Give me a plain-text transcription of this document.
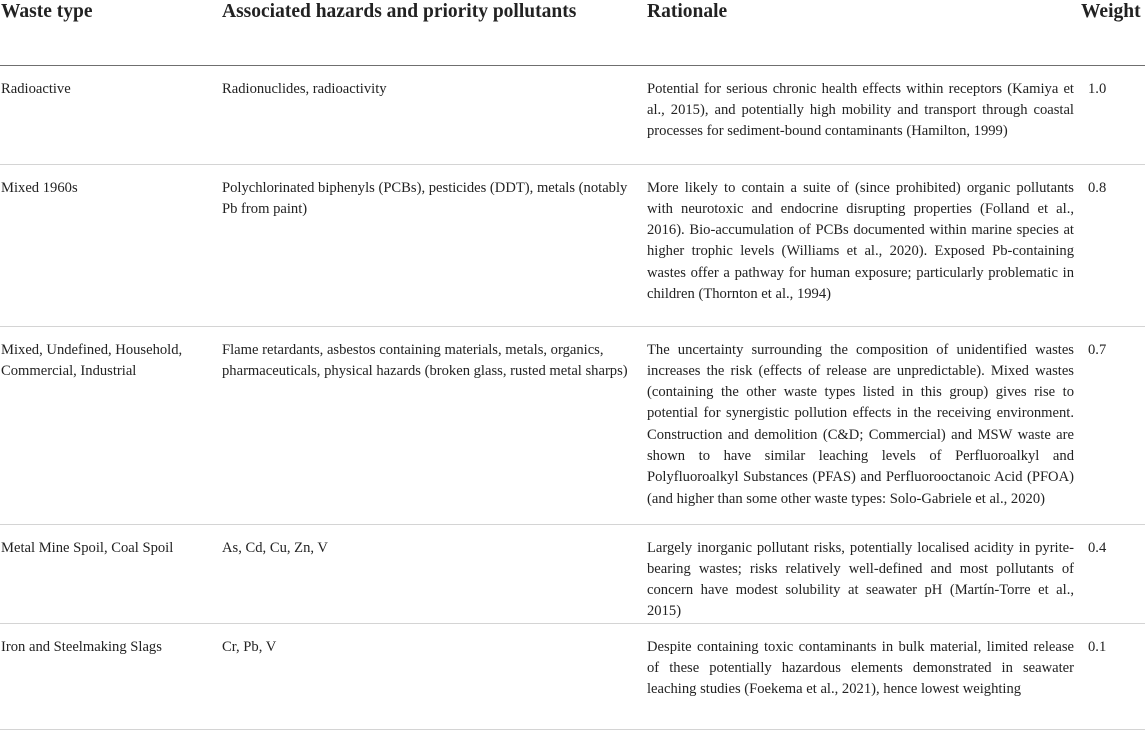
Waste type	Associated hazards and priority pollutants	Rationale	Weight
Radioactive	Radionuclides, radioactivity	Potential for serious chronic health effects within receptors (Kamiya et al., 2015), and potentially high mobility and transport through coastal processes for sediment-bound contaminants (Hamilton, 1999)	1.0
Mixed 1960s	Polychlorinated biphenyls (PCBs), pesticides (DDT), metals (notably Pb from paint)	More likely to contain a suite of (since prohibited) organic pollutants with neurotoxic and endocrine disrupting properties (Folland et al., 2016). Bio-accumulation of PCBs documented within marine species at higher trophic levels (Williams et al., 2020). Exposed Pb-containing wastes offer a pathway for human exposure; particularly problematic in children (Thornton et al., 1994)	0.8
Mixed, Undefined, Household, Commercial, Industrial	Flame retardants, asbestos containing materials, metals, organics, pharmaceuticals, physical hazards (broken glass, rusted metal sharps)	The uncertainty surrounding the composition of unidentified wastes increases the risk (effects of release are unpredictable). Mixed wastes (containing the other waste types listed in this group) gives rise to potential for synergistic pollution effects in the receiving environment. Construction and demolition (C&D; Commercial) and MSW waste are shown to have similar leaching levels of Perfluoroalkyl and Polyfluoroalkyl Substances (PFAS) and Perfluorooctanoic Acid (PFOA) (and higher than some other waste types: Solo-Gabriele et al., 2020)	0.7
Metal Mine Spoil, Coal Spoil	As, Cd, Cu, Zn, V	Largely inorganic pollutant risks, potentially localised acidity in pyrite-bearing wastes; risks relatively well-defined and most pollutants of concern have modest solubility at seawater pH (Martín-Torre et al., 2015)	0.4
Iron and Steelmaking Slags	Cr, Pb, V	Despite containing toxic contaminants in bulk material, limited release of these potentially hazardous elements demonstrated in seawater leaching studies (Foekema et al., 2021), hence lowest weighting	0.1
